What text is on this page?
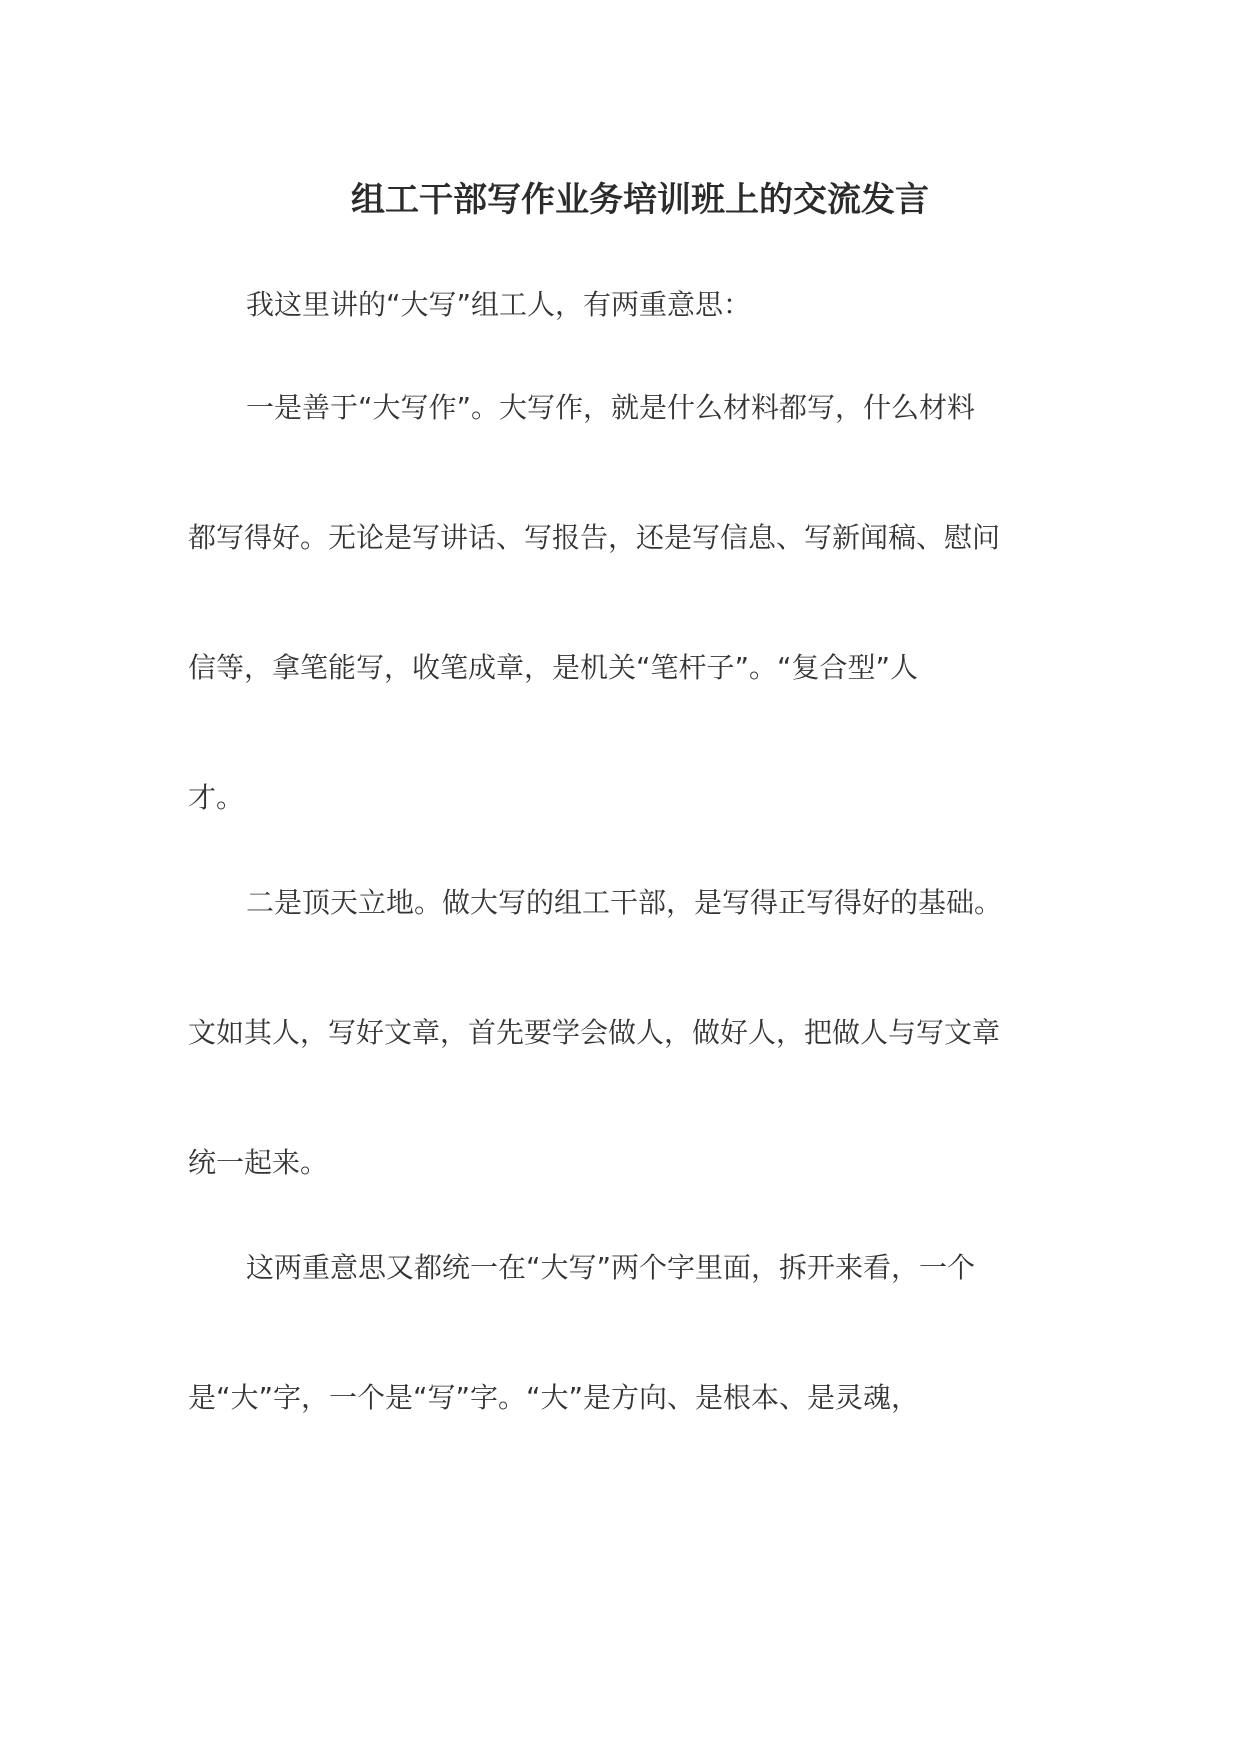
组工干部写作业务培训班上的交流发言
我这里讲的“大写”组工人，有两重意思：
一是善于“大写作”。大写作，就是什么材料都写，什么材料
都写得好。无论是写讲话、写报告，还是写信息、写新闻稿、慰问
信等，拿笔能写，收笔成章，是机关“笔杆子”。“复合型”人
才。
二是顶天立地。做大写的组工干部，是写得正写得好的基础。
文如其人，写好文章，首先要学会做人，做好人，把做人与写文章
统一起来。
这两重意思又都统一在“大写”两个字里面，拆开来看，一个
是“大”字，一个是“写”字。“大”是方向、是根本、是灵魂，
